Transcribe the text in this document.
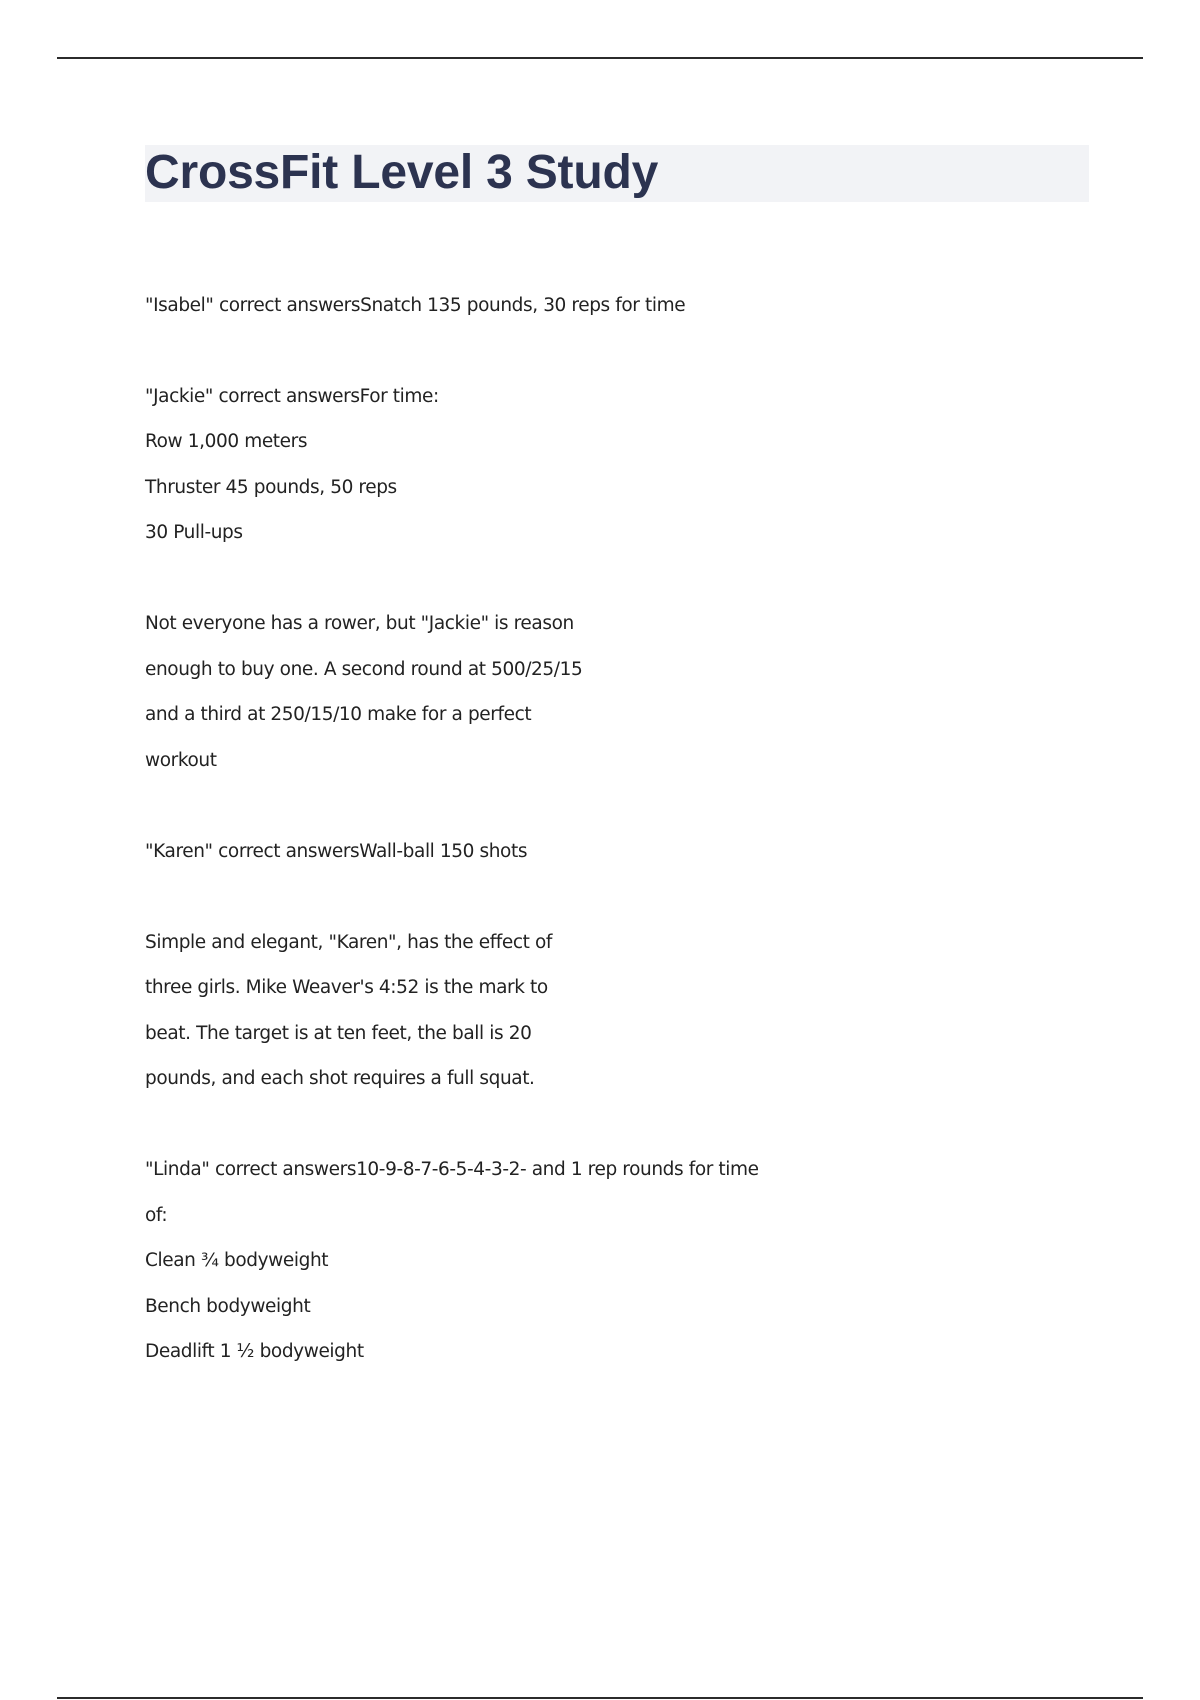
CrossFit Level 3 Study

"Isabel" correct answersSnatch 135 pounds, 30 reps for time

"Jackie" correct answersFor time:

Row 1,000 meters

Thruster 45 pounds, 50 reps

30 Pull-ups

Not everyone has a rower, but "Jackie" is reason

enough to buy one. A second round at 500/25/15

and a third at 250/15/10 make for a perfect

workout

"Karen" correct answersWall-ball 150 shots

Simple and elegant, "Karen", has the effect of

three girls. Mike Weaver's 4:52 is the mark to

beat. The target is at ten feet, the ball is 20

pounds, and each shot requires a full squat.

"Linda" correct answers10-9-8-7-6-5-4-3-2- and 1 rep rounds for time

of:

Clean ¾ bodyweight

Bench bodyweight

Deadlift 1 ½ bodyweight
